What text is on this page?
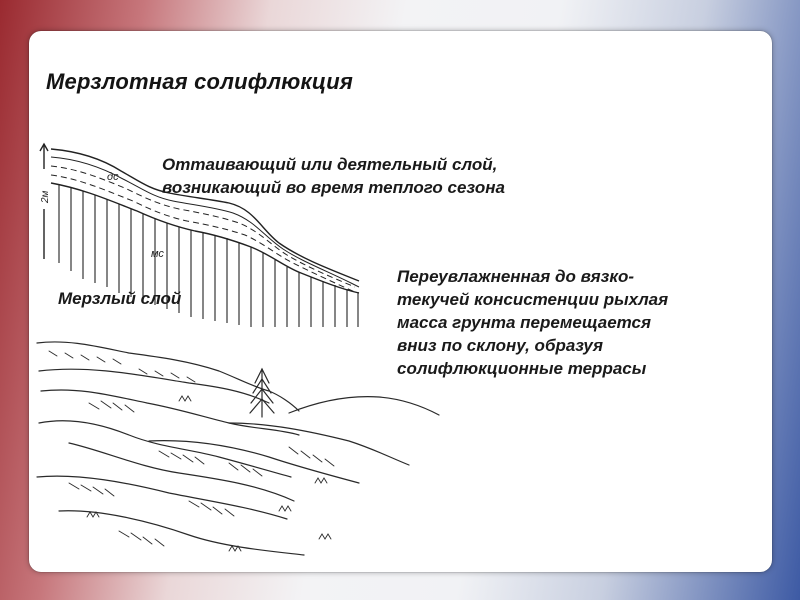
2м
дс
мс
Мерзлотная солифлюкция
Оттаивающий или деятельный слой,
возникающий во время теплого сезона
Мерзлый слой
Переувлажненная до вязко-
текучей консистенции рыхлая
масса грунта перемещается
вниз по склону, образуя
солифлюкционные террасы
